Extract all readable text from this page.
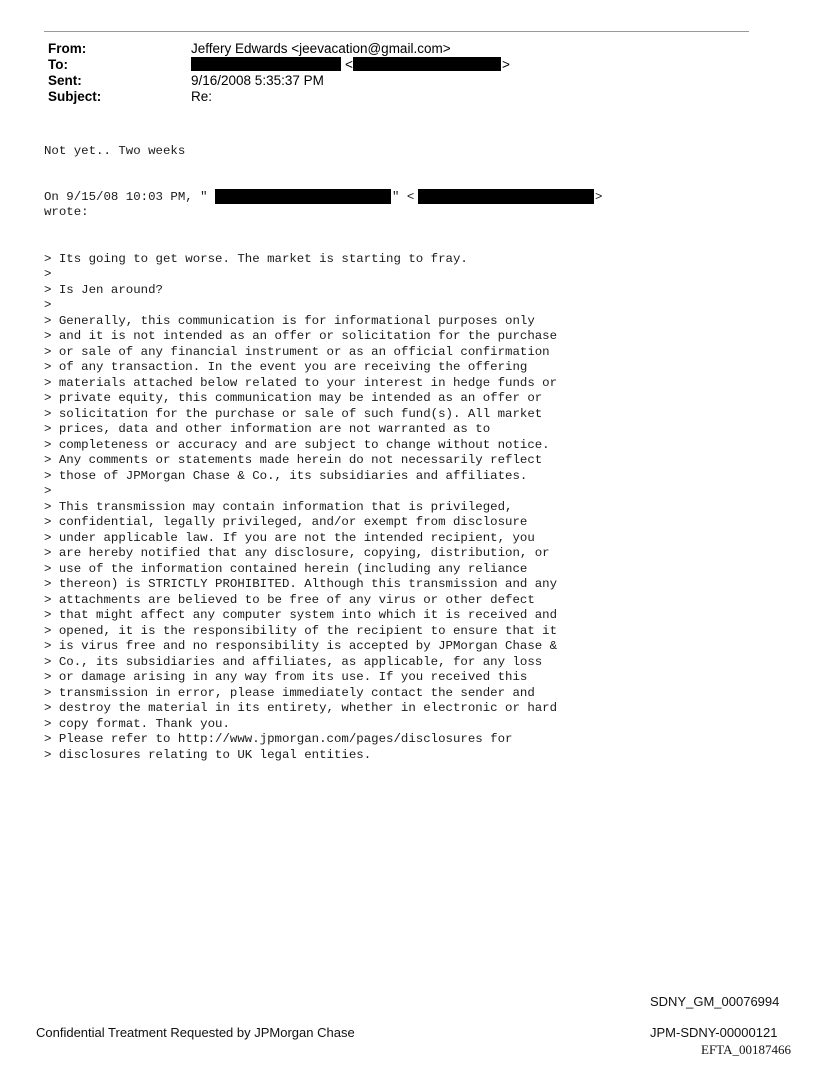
From:	Jeffery Edwards <jeevacation@gmail.com>
To:	<	>
Sent:	9/16/2008 5:35:37 PM
Subject:	Re:
Not yet.. Two weeks
On 9/15/08 10:03 PM, "	" <	>
wrote:

> Its going to get worse. The market is starting to fray.
>
> Is Jen around?
>
> Generally, this communication is for informational purposes only
> and it is not intended as an offer or solicitation for the purchase
> or sale of any financial instrument or as an official confirmation
> of any transaction. In the event you are receiving the offering
> materials attached below related to your interest in hedge funds or
> private equity, this communication may be intended as an offer or
> solicitation for the purchase or sale of such fund(s). All market
> prices, data and other information are not warranted as to
> completeness or accuracy and are subject to change without notice.
> Any comments or statements made herein do not necessarily reflect
> those of JPMorgan Chase & Co., its subsidiaries and affiliates.
>
> This transmission may contain information that is privileged,
> confidential, legally privileged, and/or exempt from disclosure
> under applicable law. If you are not the intended recipient, you
> are hereby notified that any disclosure, copying, distribution, or
> use of the information contained herein (including any reliance
> thereon) is STRICTLY PROHIBITED. Although this transmission and any
> attachments are believed to be free of any virus or other defect
> that might affect any computer system into which it is received and
> opened, it is the responsibility of the recipient to ensure that it
> is virus free and no responsibility is accepted by JPMorgan Chase &
> Co., its subsidiaries and affiliates, as applicable, for any loss
> or damage arising in any way from its use. If you received this
> transmission in error, please immediately contact the sender and
> destroy the material in its entirety, whether in electronic or hard
> copy format. Thank you.
> Please refer to http://www.jpmorgan.com/pages/disclosures for
> disclosures relating to UK legal entities.

SDNY_GM_00076994
Confidential Treatment Requested by JPMorgan Chase	JPM-SDNY-00000121
EFTA_00187466
